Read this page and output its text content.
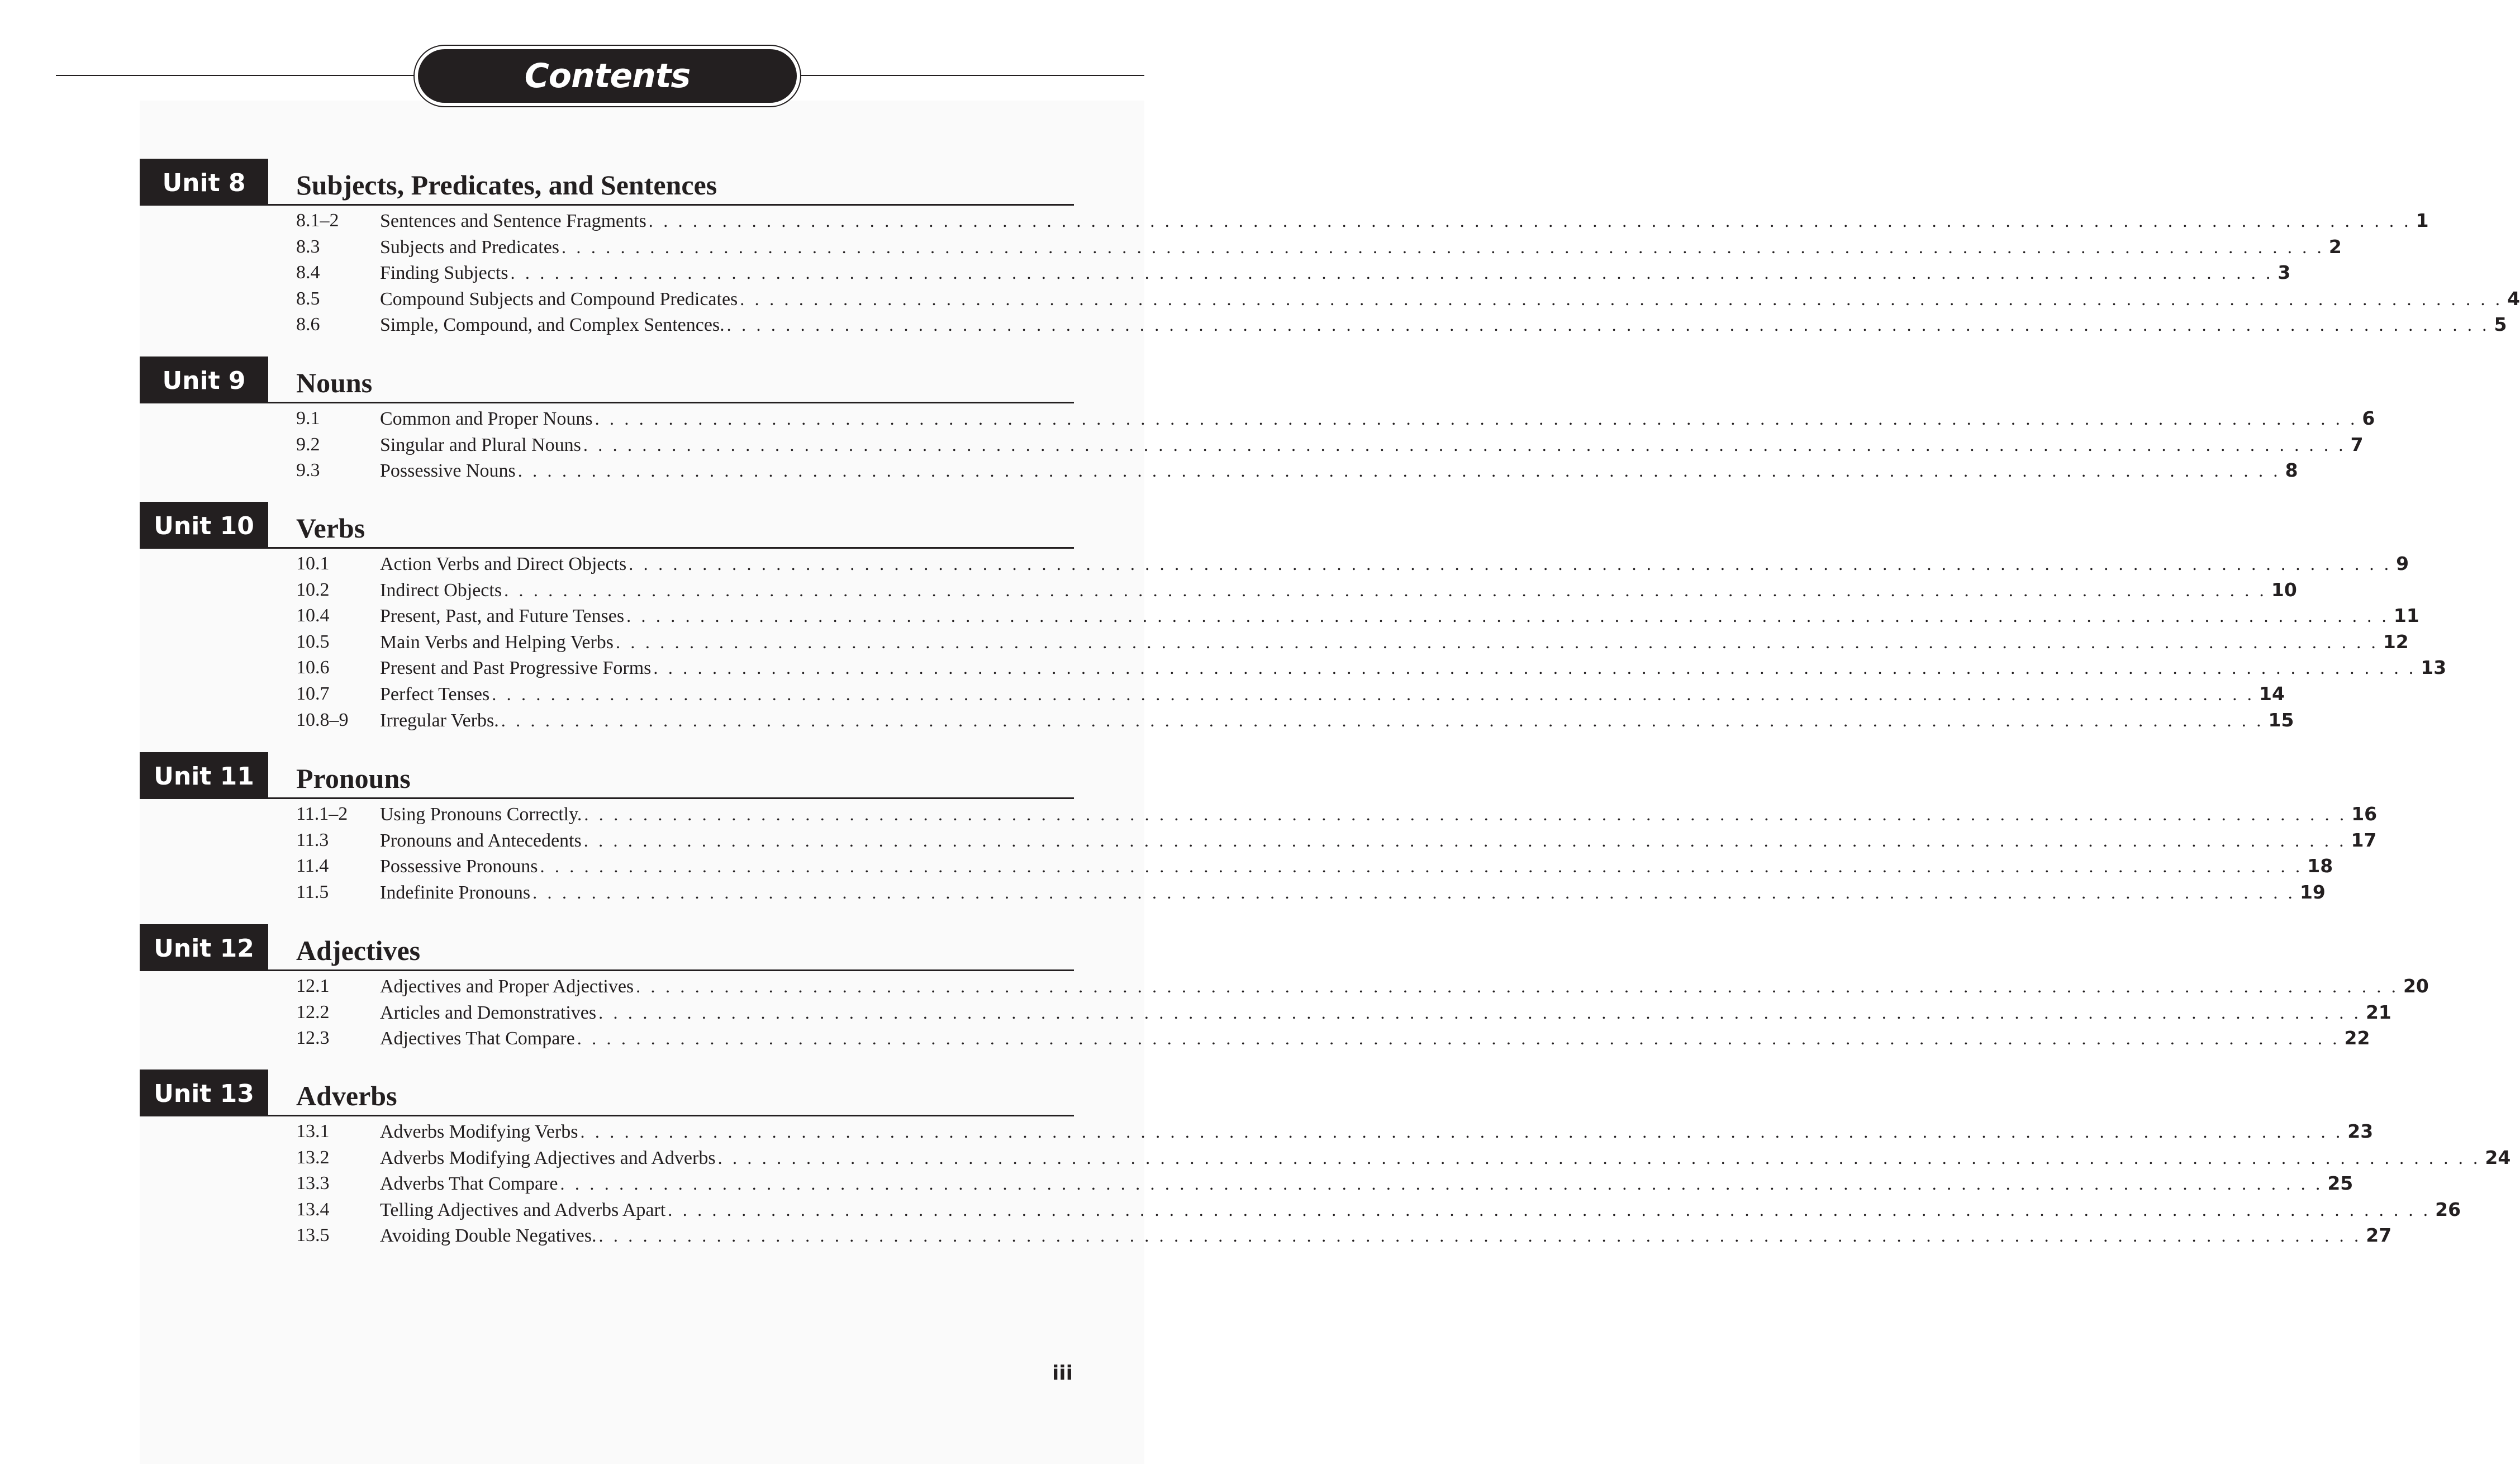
Contents
Unit 8	Subjects, Predicates, and Sentences
8.1–2 Sentences and Sentence Fragments . . . . . . . . . . . . . . . . . . . . . . . . . . . . . . . . . . . . . . . . . . . . . . . . . . . . . . . . . . . . . . . . . . . . . . . . . . . . . . . . . . . . . . . . . . . . . . . . . . . . . . . . . . . . . . . . . . . . . . . . 1
8.3	Subjects and Predicates . . . . . . . . . . . . . . . . . . . . . . . . . . . . . . . . . . . . . . . . . . . . . . . . . . . . . . . . . . . . . . . . . . . . . . . . . . . . . . . . . . . . . . . . . . . . . . . . . . . . . . . . . . . . . . . . . . . . . . . . 2
8.4	Finding Subjects . . . . . . . . . . . . . . . . . . . . . . . . . . . . . . . . . . . . . . . . . . . . . . . . . . . . . . . . . . . . . . . . . . . . . . . . . . . . . . . . . . . . . . . . . . . . . . . . . . . . . . . . . . . . . . . . . . . . . . . . 3
8.5	Compound Subjects and Compound Predicates . . . . . . . . . . . . . . . . . . . . . . . . . . . . . . . . . . . . . . . . . . . . . . . . . . . . . . . . . . . . . . . . . . . . . . . . . . . . . . . . . . . . . . . . . . . . . . . . . . . . . . . . . . . . . . . . . . . . . . . . 4
8.6	Simple, Compound, and Complex Sentences. . . . . . . . . . . . . . . . . . . . . . . . . . . . . . . . . . . . . . . . . . . . . . . . . . . . . . . . . . . . . . . . . . . . . . . . . . . . . . . . . . . . . . . . . . . . . . . . . . . . . . . . . . . . . . . . . . . . . . . . . 5
Unit 9	Nouns
9.1	Common and Proper Nouns . . . . . . . . . . . . . . . . . . . . . . . . . . . . . . . . . . . . . . . . . . . . . . . . . . . . . . . . . . . . . . . . . . . . . . . . . . . . . . . . . . . . . . . . . . . . . . . . . . . . . . . . . . . . . . . . . . . . . . . . 6
9.2	Singular and Plural Nouns . . . . . . . . . . . . . . . . . . . . . . . . . . . . . . . . . . . . . . . . . . . . . . . . . . . . . . . . . . . . . . . . . . . . . . . . . . . . . . . . . . . . . . . . . . . . . . . . . . . . . . . . . . . . . . . . . . . . . . . . 7
9.3	Possessive Nouns . . . . . . . . . . . . . . . . . . . . . . . . . . . . . . . . . . . . . . . . . . . . . . . . . . . . . . . . . . . . . . . . . . . . . . . . . . . . . . . . . . . . . . . . . . . . . . . . . . . . . . . . . . . . . . . . . . . . . . . . 8
Unit 10	Verbs
10.1	Action Verbs and Direct Objects . . . . . . . . . . . . . . . . . . . . . . . . . . . . . . . . . . . . . . . . . . . . . . . . . . . . . . . . . . . . . . . . . . . . . . . . . . . . . . . . . . . . . . . . . . . . . . . . . . . . . . . . . . . . . . . . . . . . . . . . 9
10.2	Indirect Objects . . . . . . . . . . . . . . . . . . . . . . . . . . . . . . . . . . . . . . . . . . . . . . . . . . . . . . . . . . . . . . . . . . . . . . . . . . . . . . . . . . . . . . . . . . . . . . . . . . . . . . . . . . . . . . . . . . . . . . . . 10
10.4	Present, Past, and Future Tenses . . . . . . . . . . . . . . . . . . . . . . . . . . . . . . . . . . . . . . . . . . . . . . . . . . . . . . . . . . . . . . . . . . . . . . . . . . . . . . . . . . . . . . . . . . . . . . . . . . . . . . . . . . . . . . . . . . . . . . . . 11
10.5	Main Verbs and Helping Verbs . . . . . . . . . . . . . . . . . . . . . . . . . . . . . . . . . . . . . . . . . . . . . . . . . . . . . . . . . . . . . . . . . . . . . . . . . . . . . . . . . . . . . . . . . . . . . . . . . . . . . . . . . . . . . . . . . . . . . . . . 12
10.6	Present and Past Progressive Forms . . . . . . . . . . . . . . . . . . . . . . . . . . . . . . . . . . . . . . . . . . . . . . . . . . . . . . . . . . . . . . . . . . . . . . . . . . . . . . . . . . . . . . . . . . . . . . . . . . . . . . . . . . . . . . . . . . . . . . . . 13
10.7	Perfect Tenses . . . . . . . . . . . . . . . . . . . . . . . . . . . . . . . . . . . . . . . . . . . . . . . . . . . . . . . . . . . . . . . . . . . . . . . . . . . . . . . . . . . . . . . . . . . . . . . . . . . . . . . . . . . . . . . . . . . . . . . . 14
10.8–9 Irregular Verbs. . . . . . . . . . . . . . . . . . . . . . . . . . . . . . . . . . . . . . . . . . . . . . . . . . . . . . . . . . . . . . . . . . . . . . . . . . . . . . . . . . . . . . . . . . . . . . . . . . . . . . . . . . . . . . . . . . . . . . . . . 15
Unit 11	Pronouns
11.1–2 Using Pronouns Correctly. . . . . . . . . . . . . . . . . . . . . . . . . . . . . . . . . . . . . . . . . . . . . . . . . . . . . . . . . . . . . . . . . . . . . . . . . . . . . . . . . . . . . . . . . . . . . . . . . . . . . . . . . . . . . . . . . . . . . . . . . 16
11.3	Pronouns and Antecedents . . . . . . . . . . . . . . . . . . . . . . . . . . . . . . . . . . . . . . . . . . . . . . . . . . . . . . . . . . . . . . . . . . . . . . . . . . . . . . . . . . . . . . . . . . . . . . . . . . . . . . . . . . . . . . . . . . . . . . . . 17
11.4	Possessive Pronouns . . . . . . . . . . . . . . . . . . . . . . . . . . . . . . . . . . . . . . . . . . . . . . . . . . . . . . . . . . . . . . . . . . . . . . . . . . . . . . . . . . . . . . . . . . . . . . . . . . . . . . . . . . . . . . . . . . . . . . . . 18
11.5	Indefinite Pronouns . . . . . . . . . . . . . . . . . . . . . . . . . . . . . . . . . . . . . . . . . . . . . . . . . . . . . . . . . . . . . . . . . . . . . . . . . . . . . . . . . . . . . . . . . . . . . . . . . . . . . . . . . . . . . . . . . . . . . . . . 19
Unit 12	Adjectives
12.1	Adjectives and Proper Adjectives . . . . . . . . . . . . . . . . . . . . . . . . . . . . . . . . . . . . . . . . . . . . . . . . . . . . . . . . . . . . . . . . . . . . . . . . . . . . . . . . . . . . . . . . . . . . . . . . . . . . . . . . . . . . . . . . . . . . . . . . 20
12.2	Articles and Demonstratives . . . . . . . . . . . . . . . . . . . . . . . . . . . . . . . . . . . . . . . . . . . . . . . . . . . . . . . . . . . . . . . . . . . . . . . . . . . . . . . . . . . . . . . . . . . . . . . . . . . . . . . . . . . . . . . . . . . . . . . . 21
12.3	Adjectives That Compare . . . . . . . . . . . . . . . . . . . . . . . . . . . . . . . . . . . . . . . . . . . . . . . . . . . . . . . . . . . . . . . . . . . . . . . . . . . . . . . . . . . . . . . . . . . . . . . . . . . . . . . . . . . . . . . . . . . . . . . . 22
Unit 13	Adverbs
13.1	Adverbs Modifying Verbs . . . . . . . . . . . . . . . . . . . . . . . . . . . . . . . . . . . . . . . . . . . . . . . . . . . . . . . . . . . . . . . . . . . . . . . . . . . . . . . . . . . . . . . . . . . . . . . . . . . . . . . . . . . . . . . . . . . . . . . . 23
13.2	Adverbs Modifying Adjectives and Adverbs . . . . . . . . . . . . . . . . . . . . . . . . . . . . . . . . . . . . . . . . . . . . . . . . . . . . . . . . . . . . . . . . . . . . . . . . . . . . . . . . . . . . . . . . . . . . . . . . . . . . . . . . . . . . . . . . . . . . . . . . 24
13.3	Adverbs That Compare . . . . . . . . . . . . . . . . . . . . . . . . . . . . . . . . . . . . . . . . . . . . . . . . . . . . . . . . . . . . . . . . . . . . . . . . . . . . . . . . . . . . . . . . . . . . . . . . . . . . . . . . . . . . . . . . . . . . . . . . 25
13.4	Telling Adjectives and Adverbs Apart . . . . . . . . . . . . . . . . . . . . . . . . . . . . . . . . . . . . . . . . . . . . . . . . . . . . . . . . . . . . . . . . . . . . . . . . . . . . . . . . . . . . . . . . . . . . . . . . . . . . . . . . . . . . . . . . . . . . . . . . 26
13.5	Avoiding Double Negatives. . . . . . . . . . . . . . . . . . . . . . . . . . . . . . . . . . . . . . . . . . . . . . . . . . . . . . . . . . . . . . . . . . . . . . . . . . . . . . . . . . . . . . . . . . . . . . . . . . . . . . . . . . . . . . . . . . . . . . . . . 27
iii
